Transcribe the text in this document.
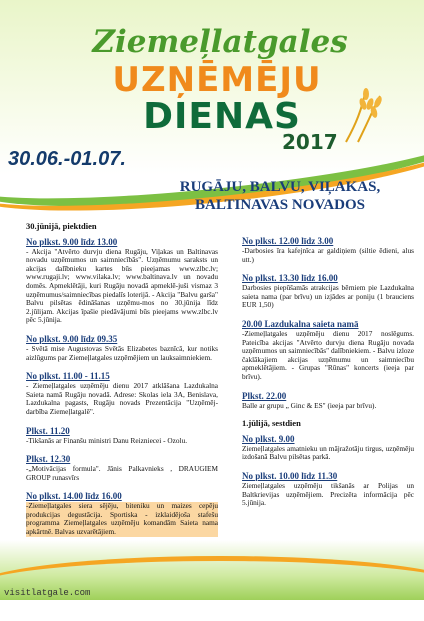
Ziemeļlatgales
UZŅĒMĒJU
DIENAS
2017
30.06.-01.07.
RUGĀJU, BALVU, VIĻAKAS,
BALTINAVAS NOVADOS
30.jūnijā, piektdien
No plkst. 9.00 līdz 13.00
- Akcija "Atvērto durvju diena Rugāju, Viļakas un Baltinavas novadu uzņēmumos un saimniecībās". Uzņēmumu saraksts un akcijas dalībnieku kartes būs pieejamas www.zlbc.lv; www.rugaji.lv; www.vilaka.lv; www.baltinava.lv un novadu domēs. Apmeklētāji, kuri Rugāju novadā apmeklē-juši vismaz 3 uzņēmumus/saimniecības piedalīs loterijā. - Akcija "Balvu garša" Balvu pilsētas ēdināšanas uzņēmu-mos no 30.jūnija līdz 2.jūlijam. Akcijas īpašie piedāvājumi būs pieejams www.zlbc.lv pēc 5.jūnija.
No plkst. 9.00 līdz 09.35
- Svētā mise Augustovas Svētās Elizabetes baznīcā, kur notiks aizlūgums par Ziemeļlatgales uzņēmējiem un lauksaimniekiem.
No plkst. 11.00 - 11.15
- Ziemeļlatgales uzņēmēju dienu 2017 atklāšana Lazdukalna Saieta namā Rugāju novadā. Adrese: Skolas iela 3A, Benislava, Lazdukalna pagasts, Rugāju novads Prezentācija "Uzņēmēj-darbība Ziemeļlatgalē".
Plkst. 11.20
-Tikšanās ar Finanšu ministri Danu Reizniecei - Ozolu.
Plkst. 12.30
-„Motivācijas formula". Jānis Palkavnieks , DRAUGIEM GROUP runasvīrs
No plkst. 14.00 līdz 16.00
-Ziemeļlatgales siera sējēju, biteniku un maizes cepēju produkcijas degustācija. Sportiska - izklaidējoša stafešu programma Ziemeļlatgales uzņēmēju komandām Saieta nama apkārtnē. Balvas uzvarētājiem.
No plkst. 12.00 līdz 3.00
-Darbosies īra kafejnīca ar galdiņiem (siltie ēdieni, alus utt.)
No plkst. 13.30 līdz 16.00
Darbosies piepūšamās atrakcijas bērniem pie Lazdukalna saieta nama (par brīvu) un izjādes ar poniju (1 brauciens EUR 1,50)
20.00 Lazdukalna saieta namā
-Ziemeļlatgales uzņēmēju dienu 2017 noslēgums. Pateicība akcijas "Atvērto durvju diena Rugāju novada uzņēmumos un saimniecībās" dalībniekiem. - Balvu izloze čaklākajiem akcijas uzņēmumu un saimniecību apmeklētājiem. - Grupas "Rūnas" koncerts (ieeja par brīvu).
Plkst. 22.00
Balle ar grupu „ Ginc & ES" (ieeja par brīvu).
1.jūlijā, sestdien
No plkst. 9.00
Ziemeļlatgales amatnieku un mājražotāju tirgus, uzņēmēju izdošanā Balvu pilsētas parkā.
No plkst. 10.00 līdz 11.30
Ziemeļlatgales uzņēmēju tikšanās ar Polijas un Baltkrievijas uzņēmējiem. Precizēta informācija pēc 5.jūnija.
visitlatgale.com
